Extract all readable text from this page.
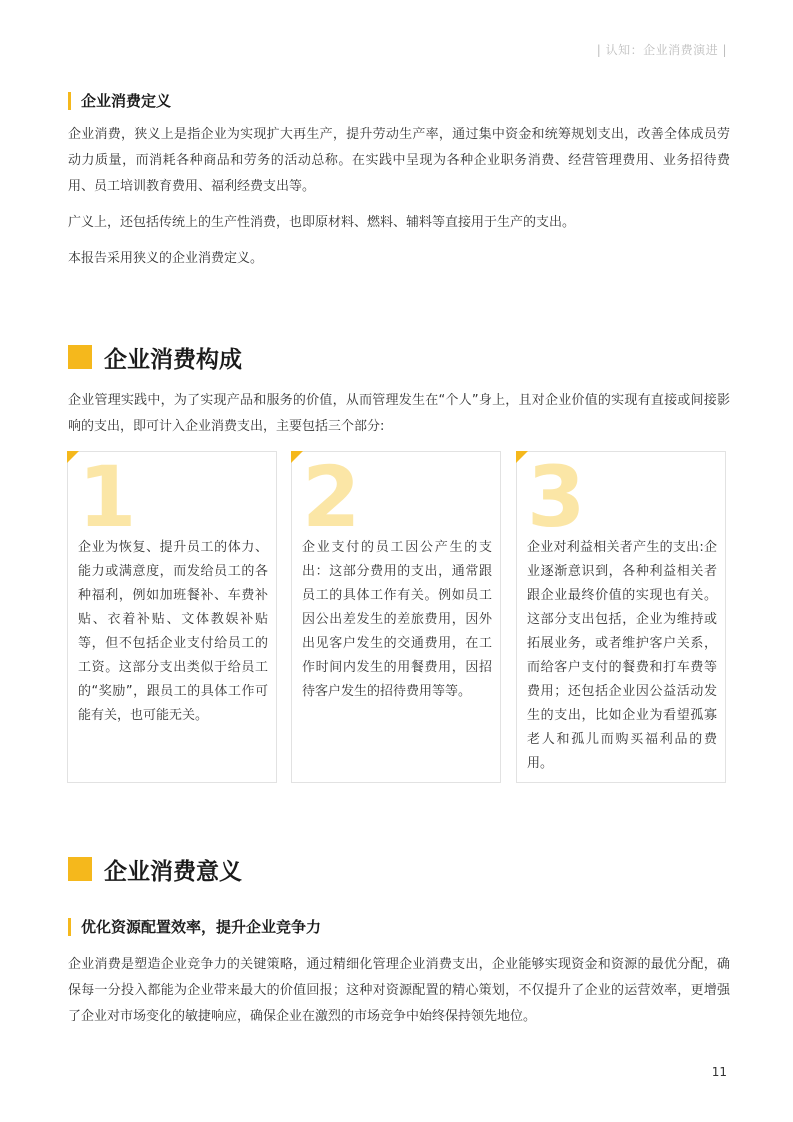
| 认知：企业消费演进 |
企业消费定义

企业消费，狭义上是指企业为实现扩大再生产，提升劳动生产率，通过集中资金和统筹规划支出，改善全体成员劳动力质量，而消耗各种商品和劳务的活动总称。在实践中呈现为各种企业职务消费、经营管理费用、业务招待费用、员工培训教育费用、福利经费支出等。

广义上，还包括传统上的生产性消费，也即原材料、燃料、辅料等直接用于生产的支出。

本报告采用狭义的企业消费定义。

企业消费构成

企业管理实践中，为了实现产品和服务的价值，从而管理发生在“个人”身上，且对企业价值的实现有直接或间接影响的支出，即可计入企业消费支出，主要包括三个部分:

1

企业为恢复、提升员工的体力、能力或满意度，而发给员工的各种福利，例如加班餐补、车费补贴、衣着补贴、文体教娱补贴等，但不包括企业支付给员工的工资。这部分支出类似于给员工的“奖励”，跟员工的具体工作可能有关，也可能无关。

2

企业支付的员工因公产生的支出：这部分费用的支出，通常跟员工的具体工作有关。例如员工因公出差发生的差旅费用，因外出见客户发生的交通费用，在工作时间内发生的用餐费用，因招待客户发生的招待费用等等。

3

企业对利益相关者产生的支出:企业逐渐意识到，各种利益相关者跟企业最终价值的实现也有关。这部分支出包括，企业为维持或拓展业务，或者维护客户关系，而给客户支付的餐费和打车费等费用；还包括企业因公益活动发生的支出，比如企业为看望孤寡老人和孤儿而购买福利品的费用。

企业消费意义
优化资源配置效率，提升企业竞争力

企业消费是塑造企业竞争力的关键策略，通过精细化管理企业消费支出，企业能够实现资金和资源的最优分配，确保每一分投入都能为企业带来最大的价值回报；这种对资源配置的精心策划，不仅提升了企业的运营效率，更增强了企业对市场变化的敏捷响应，确保企业在激烈的市场竞争中始终保持领先地位。

11
